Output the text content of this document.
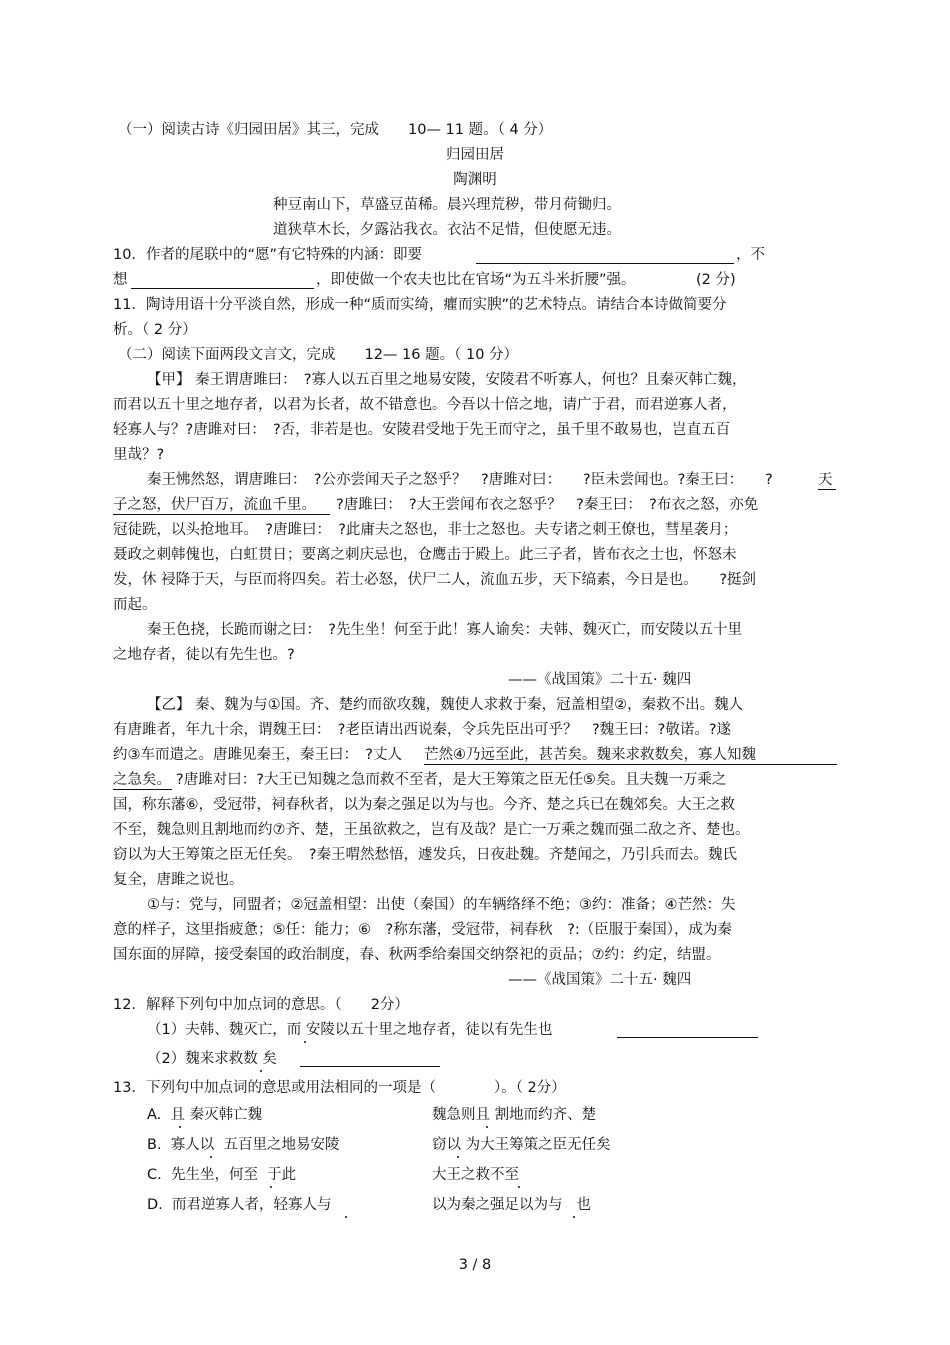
（一）阅读古诗《归园田居》其三，完成　　10— 11 题。（ 4 分）
归园田居
陶渊明
种豆南山下，草盛豆苗稀。晨兴理荒秽，带月荷锄归。
道狭草木长，夕露沾我衣。衣沾不足惜，但使愿无违。
10．作者的尾联中的“愿”有它特殊的内涵：即要	，不
想	，即使做一个农夫也比在官场“为五斗米折腰”强。	(2 分)
11．陶诗用语十分平淡自然，形成一种“质而实绮，癯而实腴”的艺术特点。请结合本诗做简要分
析。（ 2 分）
（二）阅读下面两段文言文，完成　　12— 16 题。（ 10 分）
【甲】 秦王谓唐雎曰：　?寡人以五百里之地易安陵，安陵君不听寡人，何也？且秦灭韩亡魏，
而君以五十里之地存者，以君为长者，故不错意也。今吾以十倍之地，请广于君，而君逆寡人者，
轻寡人与？?唐雎对曰：　?否，非若是也。安陵君受地于先王而守之，虽千里不敢易也，岂直五百
里哉？?
秦王怫然怒，谓唐雎曰：　?公亦尝闻天子之怒乎？　?唐雎对曰：　　?臣未尝闻也。?秦王曰：　　?	天
子之怒，伏尸百万，流血千里。	?唐雎曰：　?大王尝闻布衣之怒乎？　?秦王曰：　?布衣之怒，亦免
冠徒跣，以头抢地耳。　?唐雎曰：　?此庸夫之怒也，非士之怒也。夫专诸之刺王僚也，彗星袭月；
聂政之刺韩傀也，白虹贯日；要离之刺庆忌也，仓鹰击于殿上。此三子者，皆布衣之士也，怀怒未
发，休 祲降于天，与臣而将四矣。若士必怒，伏尸二人，流血五步，天下缟素，今日是也。　　?挺剑
而起。
秦王色挠，长跪而谢之曰：　?先生坐！何至于此！寡人谕矣：夫韩、魏灭亡，而安陵以五十里
之地存者，徒以有先生也。?
——《战国策》二十五· 魏四
【乙】 秦、魏为与①国。齐、楚约而欲攻魏，魏使人求救于秦，冠盖相望②，秦救不出。魏人
有唐雎者，年九十余，谓魏王曰：　?老臣请出西说秦，令兵先臣出可乎？　?魏王曰：?敬诺。?遂
约③车而遣之。唐雎见秦王，秦王曰：　?丈人 芒然④乃远至此，甚苦矣。魏来求救数矣，寡人知魏
之急矣。 ?唐雎对曰：?大王已知魏之急而救不至者，是大王筹策之臣无任⑤矣。且夫魏一万乘之
国，称东藩⑥，受冠带，祠春秋者，以为秦之强足以为与也。今齐、楚之兵已在魏郊矣。大王之救
不至，魏急则且割地而约⑦齐、楚，王虽欲救之，岂有及哉？是亡一万乘之魏而强二敌之齐、楚也。
窃以为大王筹策之臣无任矣。　?秦王喟然愁悟，遽发兵，日夜赴魏。齐楚闻之，乃引兵而去。魏氏
复全，唐雎之说也。
①与：党与，同盟者；②冠盖相望：出使（秦国）的车辆络绎不绝；③约：准备；④芒然：失
意的样子，这里指疲惫；⑤任：能力；⑥　?称东藩，受冠带，祠春秋　?:（臣服于秦国），成为秦
国东面的屏障，接受秦国的政治制度，春、秋两季给秦国交纳祭祀的贡品；⑦约：约定，结盟。
——《战国策》二十五· 魏四
12．解释下列句中加点词的意思。（　　2分）
（1）夫韩、魏灭亡，而 安陵以五十里之地存者，徒以有先生也
（2）魏来求救数 矣
13．下列句中加点词的意思或用法相同的一项是（　　　　）。（ 2分）
A.  且 秦灭韩亡魏	魏急则且 割地而约齐、楚
B.  寡人以  五百里之地易安陵	窃以 为大王筹策之臣无任矣
C.  先生坐，何至  于此	大王之救不至
D.  而君逆寡人者，轻寡人与	以为秦之强足以为与   也
3 / 8
